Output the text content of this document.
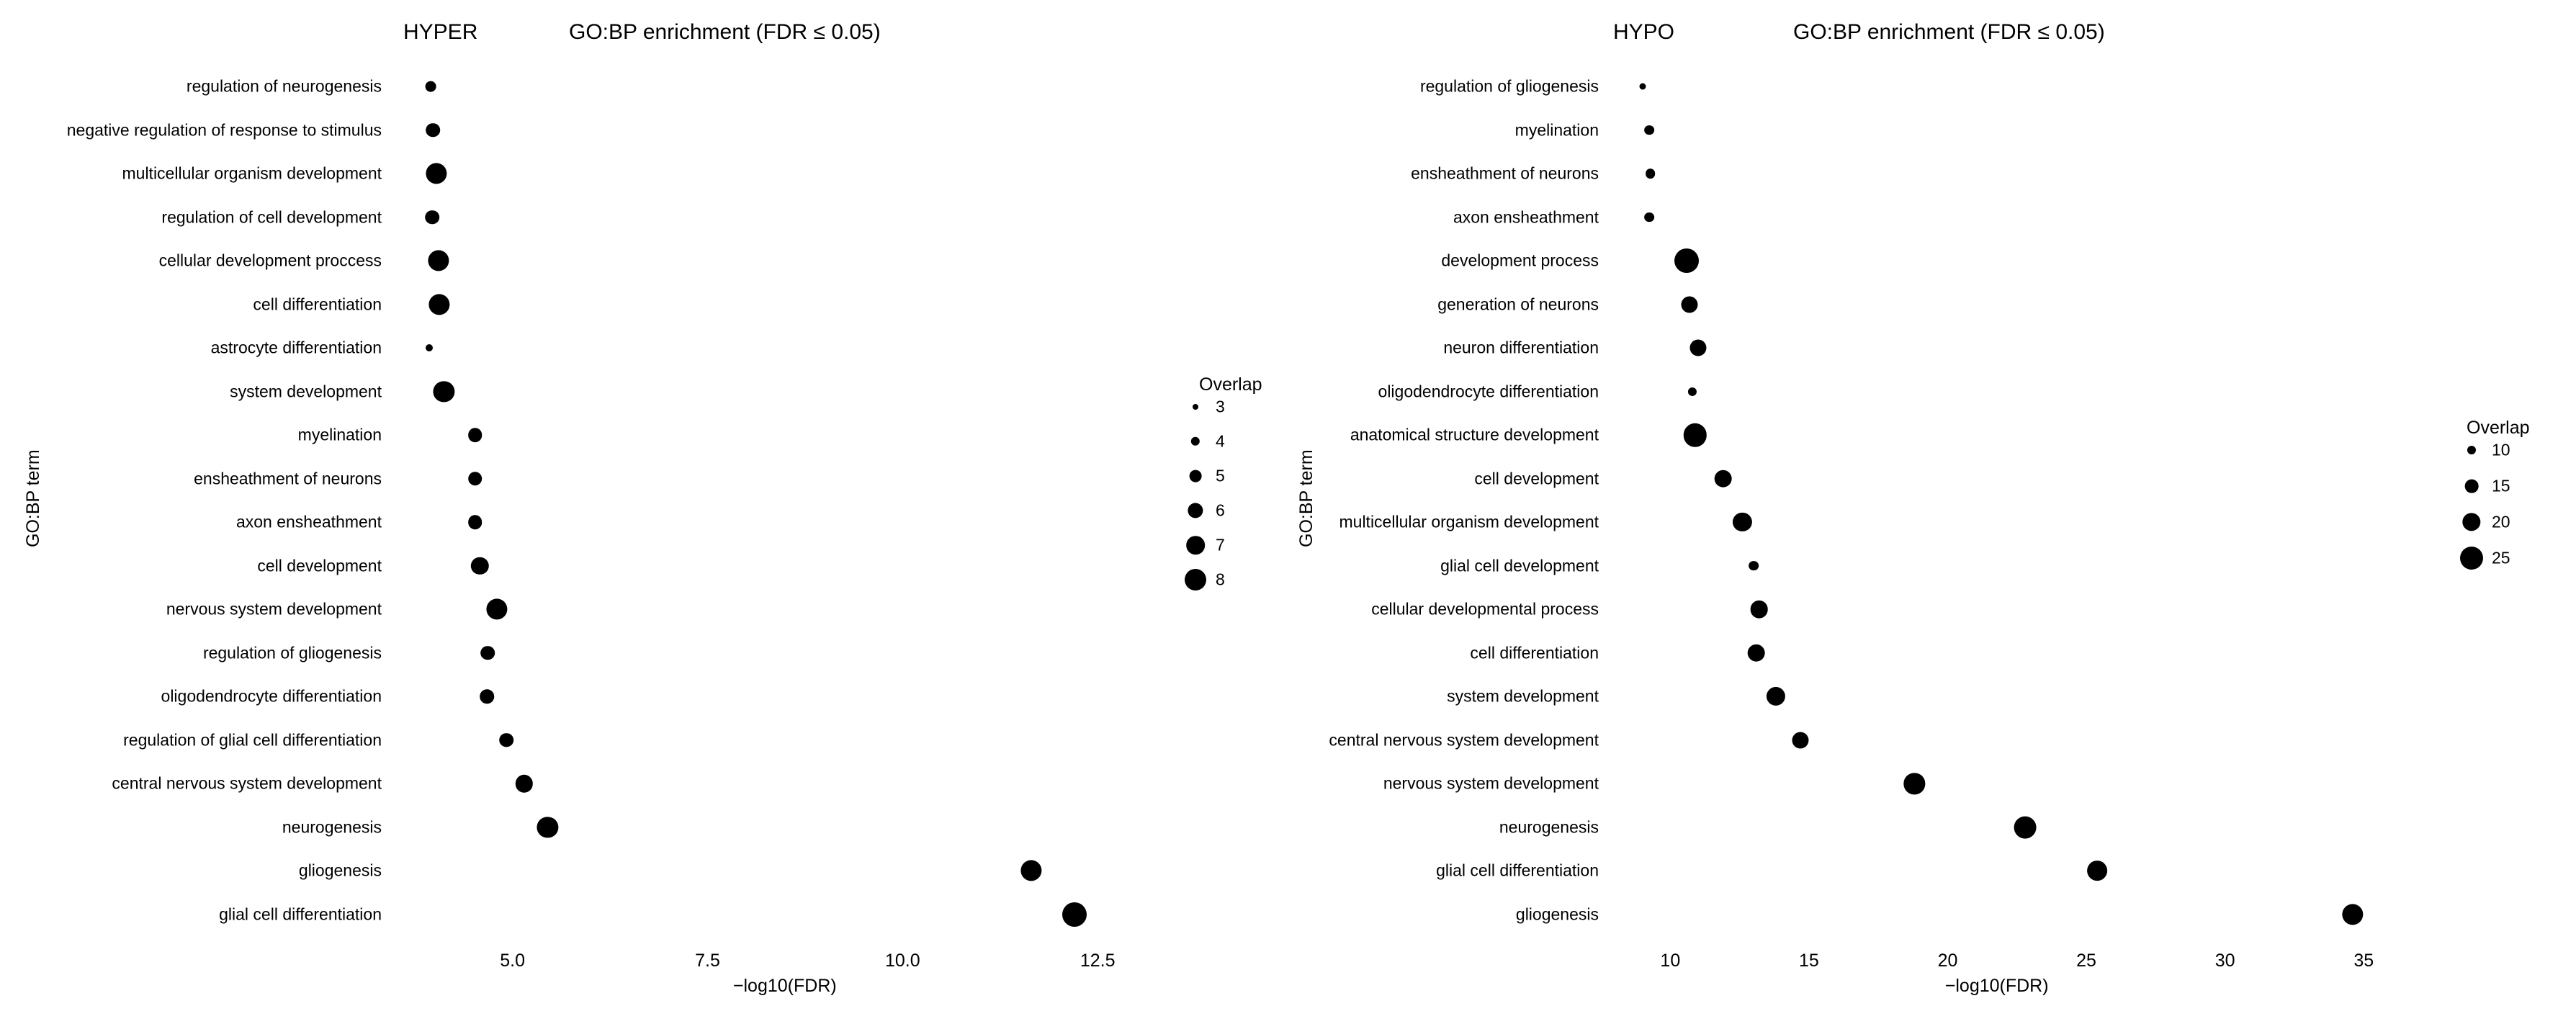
HYPER	GO:BP enrichment (FDR ≤ 0.05)
GO:BP term
regulation of neurogenesis
negative regulation of response to stimulus
multicellular organism development
regulation of cell development
cellular development proccess
cell differentiation
astrocyte differentiation
system development
myelination
ensheathment of neurons
axon ensheathment
cell development
nervous system development
regulation of gliogenesis
oligodendrocyte differentiation
regulation of glial cell differentiation
central nervous system development
neurogenesis
gliogenesis
glial cell differentiation
5.0	7.5	10.0	12.5
−log10(FDR)
Overlap
3
4
5
6
7
8
HYPO	GO:BP enrichment (FDR ≤ 0.05)
GO:BP term
regulation of gliogenesis
myelination
ensheathment of neurons
axon ensheathment
development process
generation of neurons
neuron differentiation
oligodendrocyte differentiation
anatomical structure development
cell development
multicellular organism development
glial cell development
cellular developmental process
cell differentiation
system development
central nervous system development
nervous system development
neurogenesis
glial cell differentiation
gliogenesis
10	15	20	25	30	35
−log10(FDR)
Overlap
10
15
20
25
